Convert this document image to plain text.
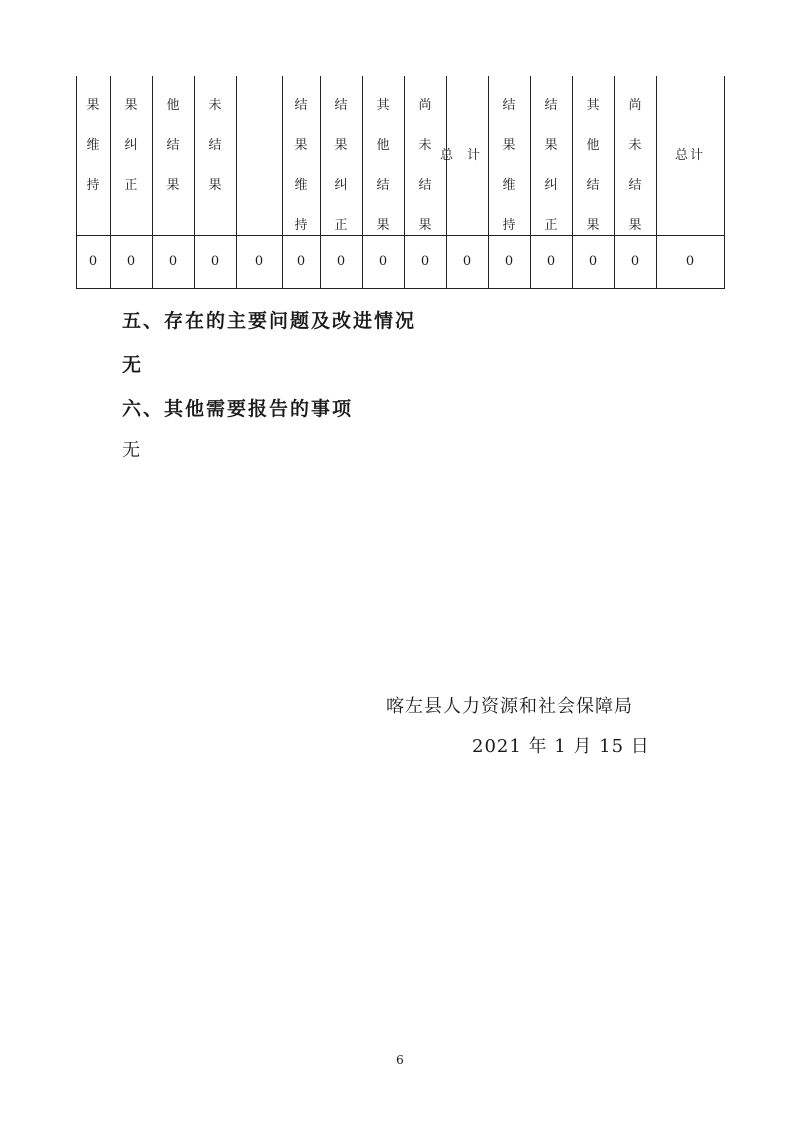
果
维
持
0
果
纠
正
0
他
结
果
0
未
结
果
0	0
结
果
维
持
0
结
果
纠
正
0
其
他
结
果
0
尚
未
结
果
0
总计
0
结
果
维
持
0
结
果
纠
正
0
其
他
结
果
0
尚
未
结
果
0
总计
0
五、存在的主要问题及改进情况
无
六、其他需要报告的事项
无
喀左县人力资源和社会保障局
2021 年 1 月 15 日
6
